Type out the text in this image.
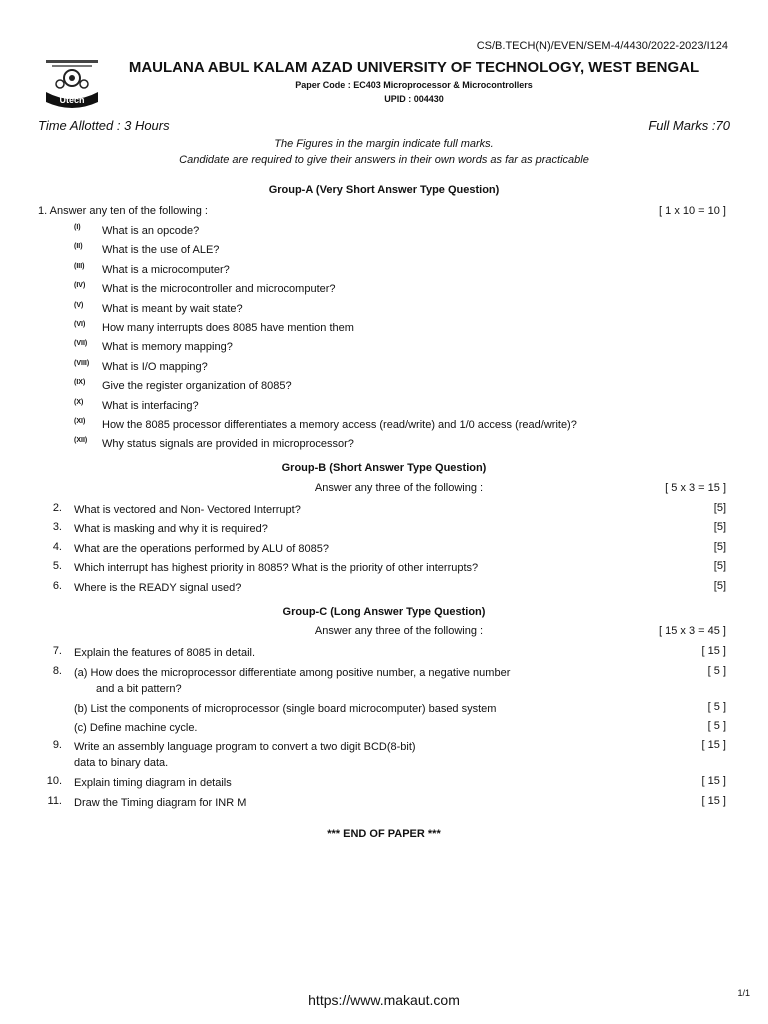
CS/B.TECH(N)/EVEN/SEM-4/4430/2022-2023/I124
Utech
MAULANA ABUL KALAM AZAD UNIVERSITY OF TECHNOLOGY, WEST BENGAL
Paper Code : EC403 Microprocessor & Microcontrollers
UPID : 004430
Time Allotted : 3 Hours	Full Marks :70
The Figures in the margin indicate full marks.
Candidate are required to give their answers in their own words as far as practicable
Group-A (Very Short Answer Type Question)
1. Answer any ten of the following :	[ 1 x 10 = 10 ]
(I) What is an opcode?
(II) What is the use of ALE?
(III) What is a microcomputer?
(IV) What is the microcontroller and microcomputer?
(V) What is meant by wait state?
(VI) How many interrupts does 8085 have mention them
(VII) What is memory mapping?
(VIII) What is I/O mapping?
(IX) Give the register organization of 8085?
(X) What is interfacing?
(XI) How the 8085 processor differentiates a memory access (read/write) and 1/0 access (read/write)?
(XII) Why status signals are provided in microprocessor?
Group-B (Short Answer Type Question)
Answer any three of the following :	[ 5 x 3 = 15 ]
2. What is vectored and Non- Vectored Interrupt?	[5]
3. What is masking and why it is required?	[5]
4. What are the operations performed by ALU of 8085?	[5]
5. Which interrupt has highest priority in 8085? What is the priority of other interrupts?	[5]
6. Where is the READY signal used?	[5]
Group-C (Long Answer Type Question)
Answer any three of the following :	[ 15 x 3 = 45 ]
7. Explain the features of 8085 in detail.	[ 15 ]
8. (a) How does the microprocessor differentiate among positive number, a negative number	[ 5 ]
and a bit pattern?
(b) List the components of microprocessor (single board microcomputer) based system	[ 5 ]
(c) Define machine cycle.	[ 5 ]
9. Write an assembly language program to convert a two digit BCD(8-bit)	[ 15 ]
data to binary data.
10. Explain timing diagram in details	[ 15 ]
11. Draw the Timing diagram for INR M	[ 15 ]
*** END OF PAPER ***
https://www.makaut.com	1/1
